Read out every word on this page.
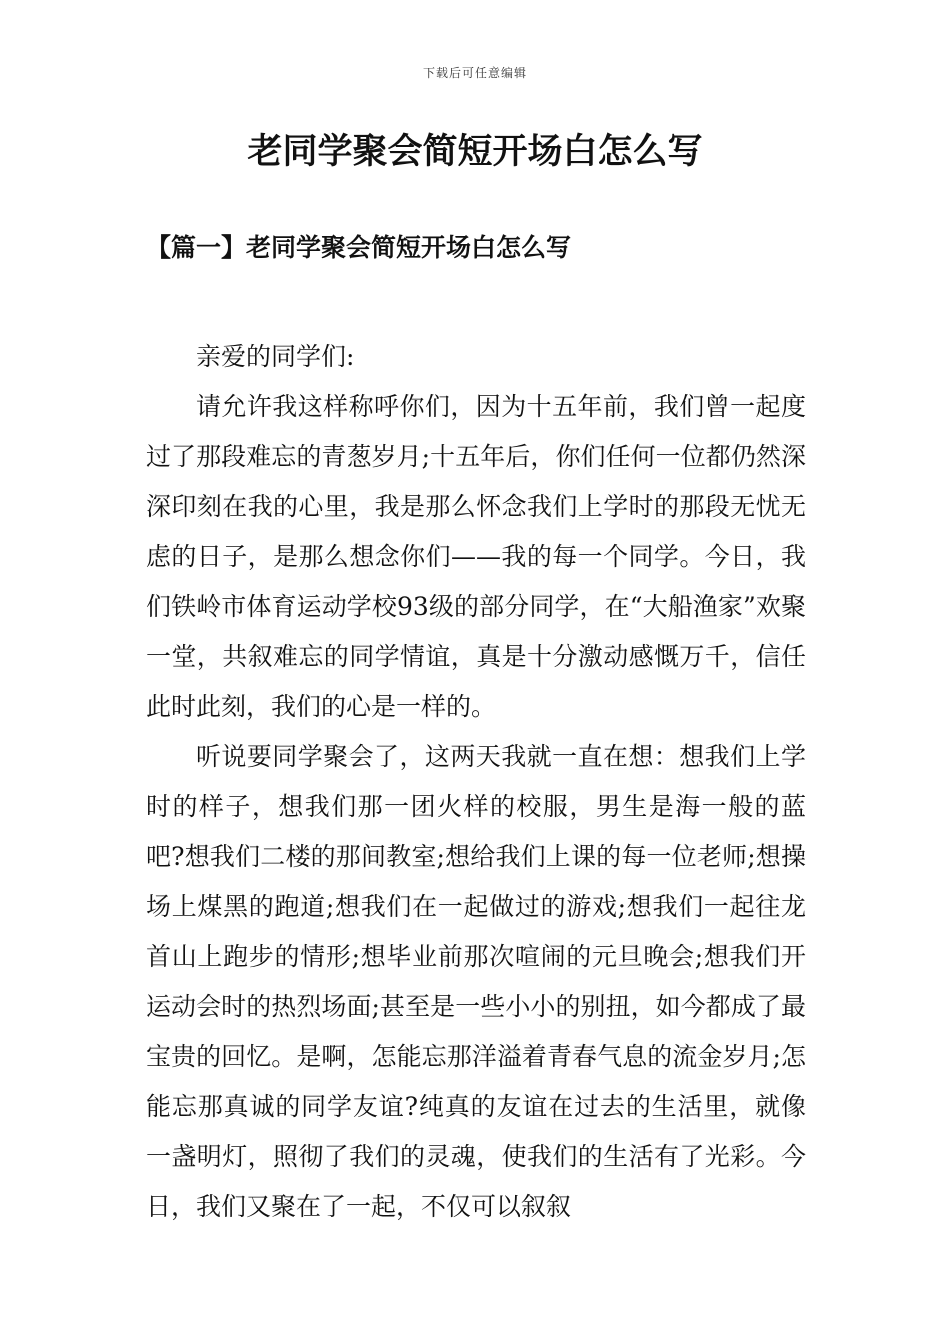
下载后可任意编辑
老同学聚会简短开场白怎么写
【篇一】老同学聚会简短开场白怎么写

亲爱的同学们:

请允许我这样称呼你们，因为十五年前，我们曾一起度过了那段难忘的青葱岁月;十五年后，你们任何一位都仍然深深印刻在我的心里，我是那么怀念我们上学时的那段无忧无虑的日子，是那么想念你们——我的每一个同学。今日，我们铁岭市体育运动学校93级的部分同学，在“大船渔家”欢聚一堂，共叙难忘的同学情谊，真是十分激动感慨万千，信任此时此刻，我们的心是一样的。

听说要同学聚会了，这两天我就一直在想：想我们上学时的样子，想我们那一团火样的校服，男生是海一般的蓝吧?想我们二楼的那间教室;想给我们上课的每一位老师;想操场上煤黑的跑道;想我们在一起做过的游戏;想我们一起往龙首山上跑步的情形;想毕业前那次喧闹的元旦晚会;想我们开运动会时的热烈场面;甚至是一些小小的别扭，如今都成了最宝贵的回忆。是啊，怎能忘那洋溢着青春气息的流金岁月;怎能忘那真诚的同学友谊?纯真的友谊在过去的生活里，就像一盏明灯，照彻了我们的灵魂，使我们的生活有了光彩。今日，我们又聚在了一起，不仅可以叙叙
